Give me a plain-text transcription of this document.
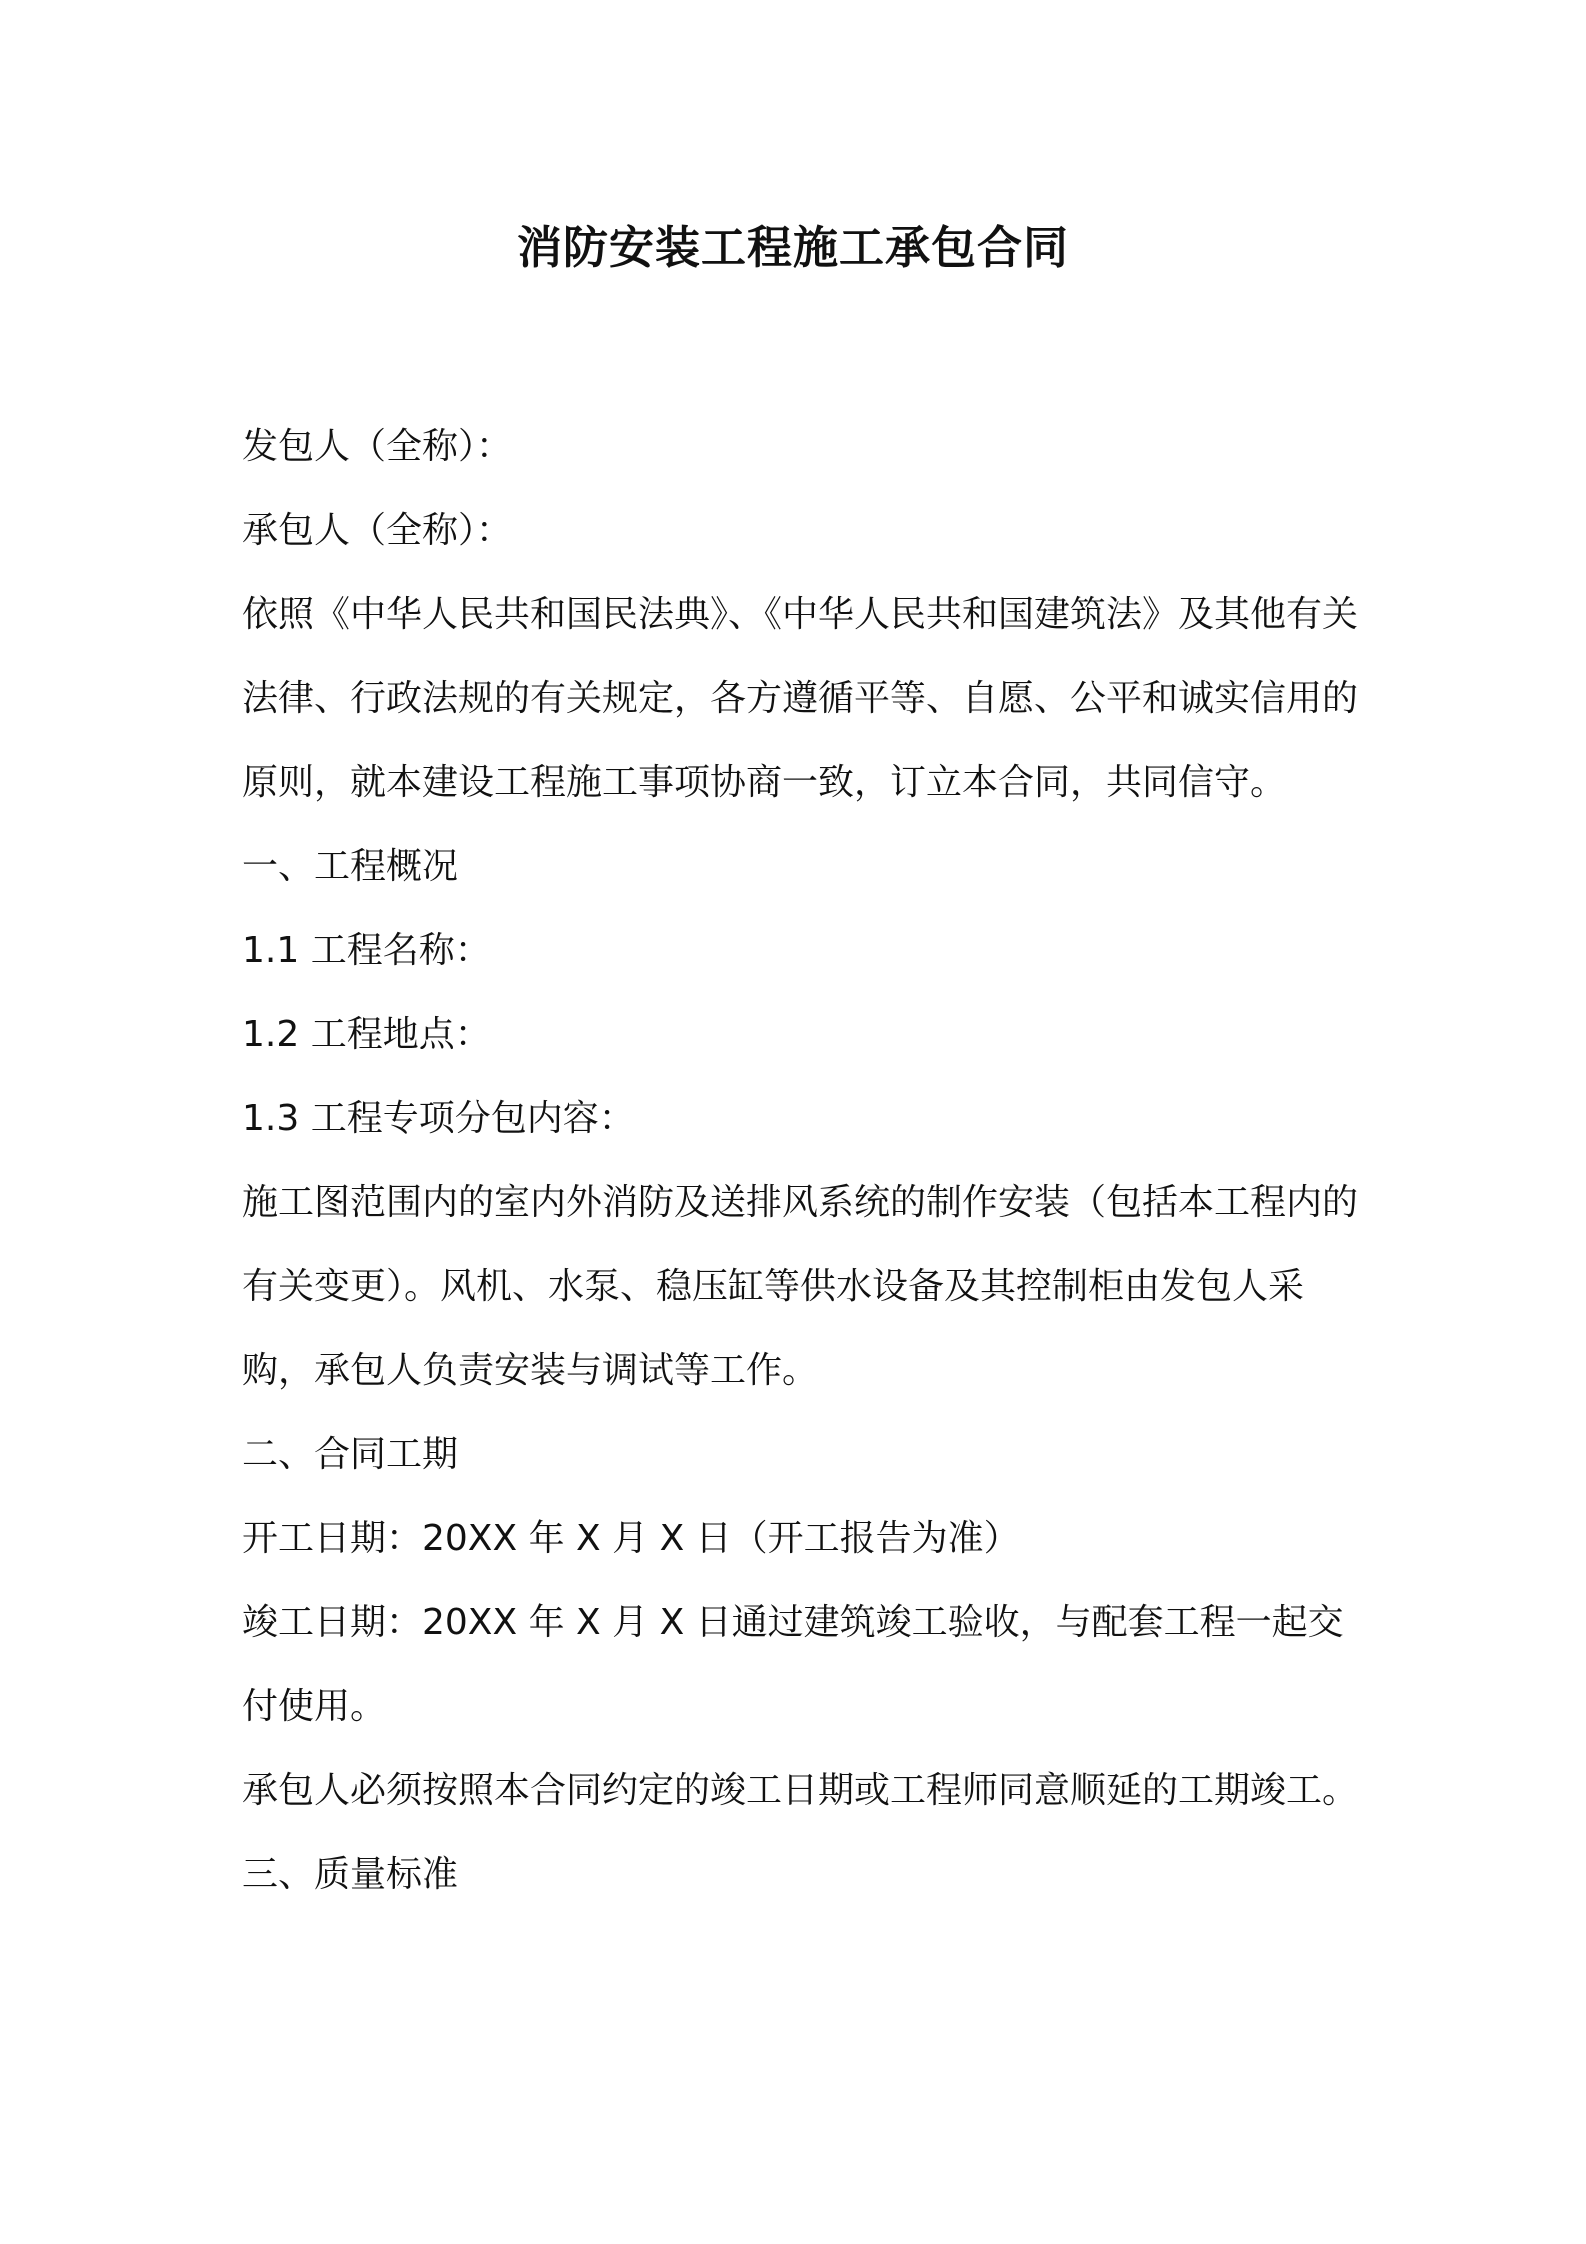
消防安装工程施工承包合同

发包人（全称）：

承包人（全称）：

依照《中华人民共和国民法典》、《中华人民共和国建筑法》及其他有关法律、行政法规的有关规定，各方遵循平等、自愿、公平和诚实信用的原则，就本建设工程施工事项协商一致，订立本合同，共同信守。

一、工程概况

1.1 工程名称：

1.2 工程地点：

1.3 工程专项分包内容：

施工图范围内的室内外消防及送排风系统的制作安装（包括本工程内的有关变更）。风机、水泵、稳压缸等供水设备及其控制柜由发包人采购，承包人负责安装与调试等工作。

二、合同工期

开工日期：20XX 年 X 月 X 日（开工报告为准）

竣工日期：20XX 年 X 月 X 日通过建筑竣工验收，与配套工程一起交付使用。

承包人必须按照本合同约定的竣工日期或工程师同意顺延的工期竣工。

三、质量标准
